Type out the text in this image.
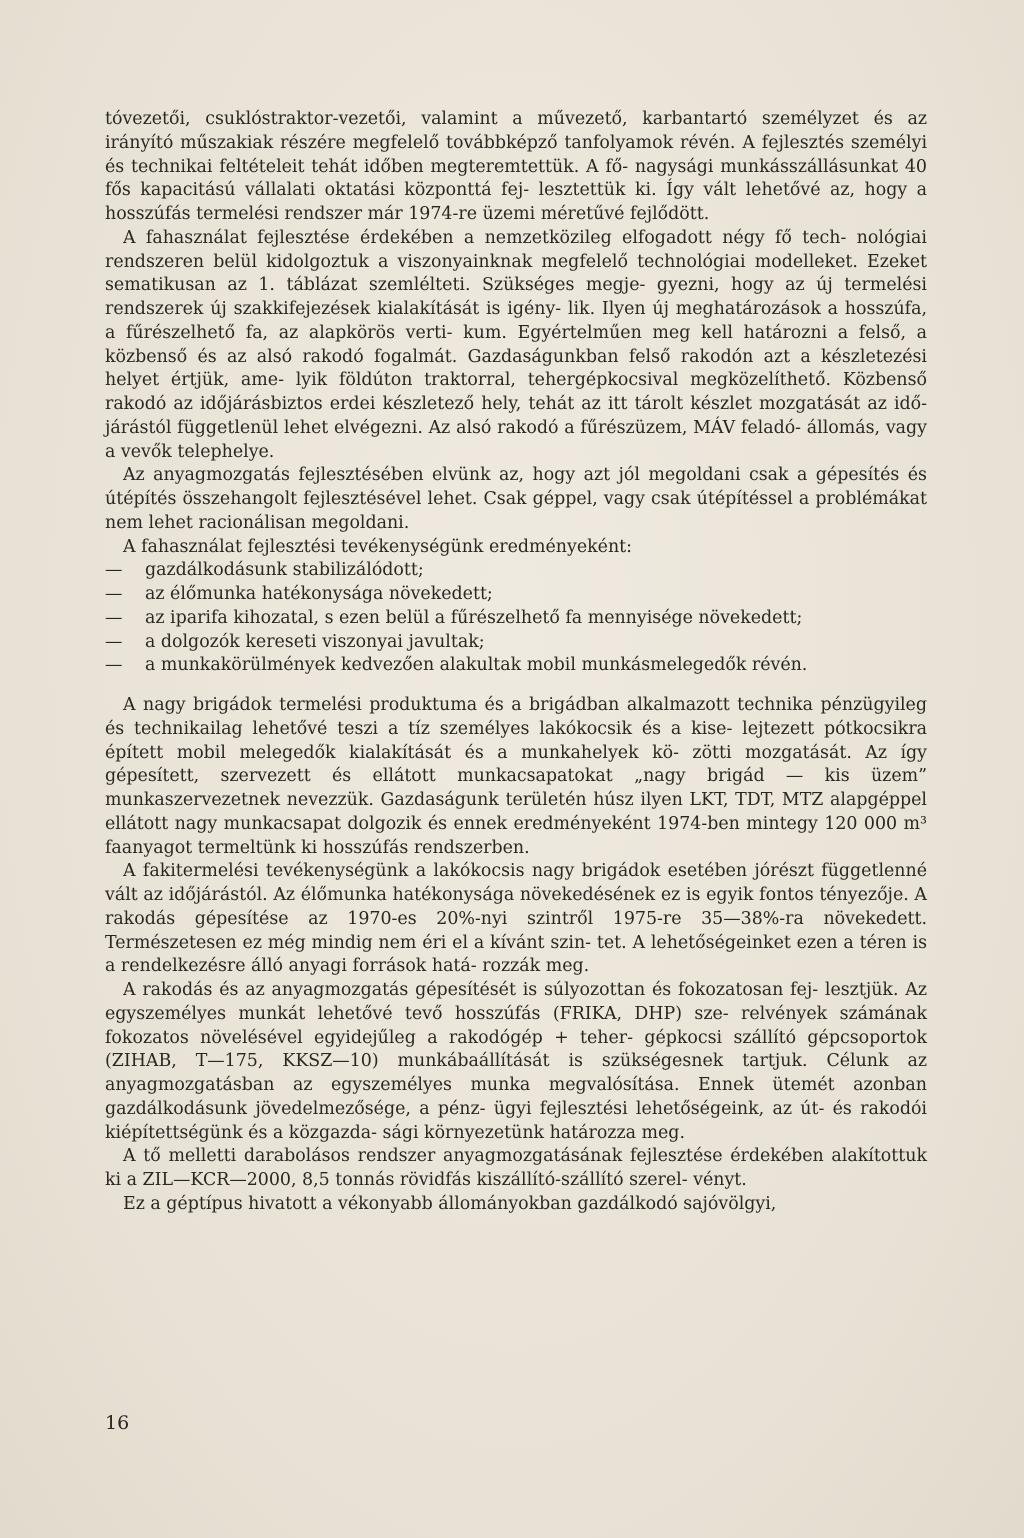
tóvezetői, csuklóstraktor-vezetői, valamint a művezető, karbantartó személyzet és az irányító műszakiak részére megfelelő továbbképző tanfolyamok révén. A fejlesztés személyi és technikai feltételeit tehát időben megteremtettük. A fő- nagysági munkásszállásunkat 40 fős kapacitású vállalati oktatási központtá fej- lesztettük ki. Így vált lehetővé az, hogy a hosszúfás termelési rendszer már 1974-re üzemi méretűvé fejlődött.

A fahasználat fejlesztése érdekében a nemzetközileg elfogadott négy fő tech- nológiai rendszeren belül kidolgoztuk a viszonyainknak megfelelő technológiai modelleket. Ezeket sematikusan az 1. táblázat szemlélteti. Szükséges megje- gyezni, hogy az új termelési rendszerek új szakkifejezések kialakítását is igény- lik. Ilyen új meghatározások a hosszúfa, a fűrészelhető fa, az alapkörös verti- kum. Egyértelműen meg kell határozni a felső, a közbenső és az alsó rakodó fogalmát. Gazdaságunkban felső rakodón azt a készletezési helyet értjük, ame- lyik földúton traktorral, tehergépkocsival megközelíthető. Közbenső rakodó az időjárásbiztos erdei készletező hely, tehát az itt tárolt készlet mozgatását az idő- járástól függetlenül lehet elvégezni. Az alsó rakodó a fűrészüzem, MÁV feladó- állomás, vagy a vevők telephelye.

Az anyagmozgatás fejlesztésében elvünk az, hogy azt jól megoldani csak a gépesítés és útépítés összehangolt fejlesztésével lehet. Csak géppel, vagy csak útépítéssel a problémákat nem lehet racionálisan megoldani.

A fahasználat fejlesztési tevékenységünk eredményeként:

— gazdálkodásunk stabilizálódott;

— az élőmunka hatékonysága növekedett;

— az iparifa kihozatal, s ezen belül a fűrészelhető fa mennyisége növekedett;

— a dolgozók kereseti viszonyai javultak;

— a munkakörülmények kedvezően alakultak mobil munkásmelegedők révén.

A nagy brigádok termelési produktuma és a brigádban alkalmazott technika pénzügyileg és technikailag lehetővé teszi a tíz személyes lakókocsik és a kise- lejtezett pótkocsikra épített mobil melegedők kialakítását és a munkahelyek kö- zötti mozgatását. Az így gépesített, szervezett és ellátott munkacsapatokat „nagy brigád — kis üzem” munkaszervezetnek nevezzük. Gazdaságunk területén húsz ilyen LKT, TDT, MTZ alapgéppel ellátott nagy munkacsapat dolgozik és ennek eredményeként 1974-ben mintegy 120 000 m³ faanyagot termeltünk ki hosszúfás rendszerben.

A fakitermelési tevékenységünk a lakókocsis nagy brigádok esetében jórészt függetlenné vált az időjárástól. Az élőmunka hatékonysága növekedésének ez is egyik fontos tényezője. A rakodás gépesítése az 1970-es 20%-nyi szintről 1975-re 35—38%-ra növekedett. Természetesen ez még mindig nem éri el a kívánt szin- tet. A lehetőségeinket ezen a téren is a rendelkezésre álló anyagi források hatá- rozzák meg.

A rakodás és az anyagmozgatás gépesítését is súlyozottan és fokozatosan fej- lesztjük. Az egyszemélyes munkát lehetővé tevő hosszúfás (FRIKA, DHP) sze- relvények számának fokozatos növelésével egyidejűleg a rakodógép + teher- gépkocsi szállító gépcsoportok (ZIHAB, T—175, KKSZ—10) munkábaállítását is szükségesnek tartjuk. Célunk az anyagmozgatásban az egyszemélyes munka megvalósítása. Ennek ütemét azonban gazdálkodásunk jövedelmezősége, a pénz- ügyi fejlesztési lehetőségeink, az út- és rakodói kiépítettségünk és a közgazda- sági környezetünk határozza meg.

A tő melletti darabolásos rendszer anyagmozgatásának fejlesztése érdekében alakítottuk ki a ZIL—KCR—2000, 8,5 tonnás rövidfás kiszállító-szállító szerel- vényt.

Ez a géptípus hivatott a vékonyabb állományokban gazdálkodó sajóvölgyi,

16
